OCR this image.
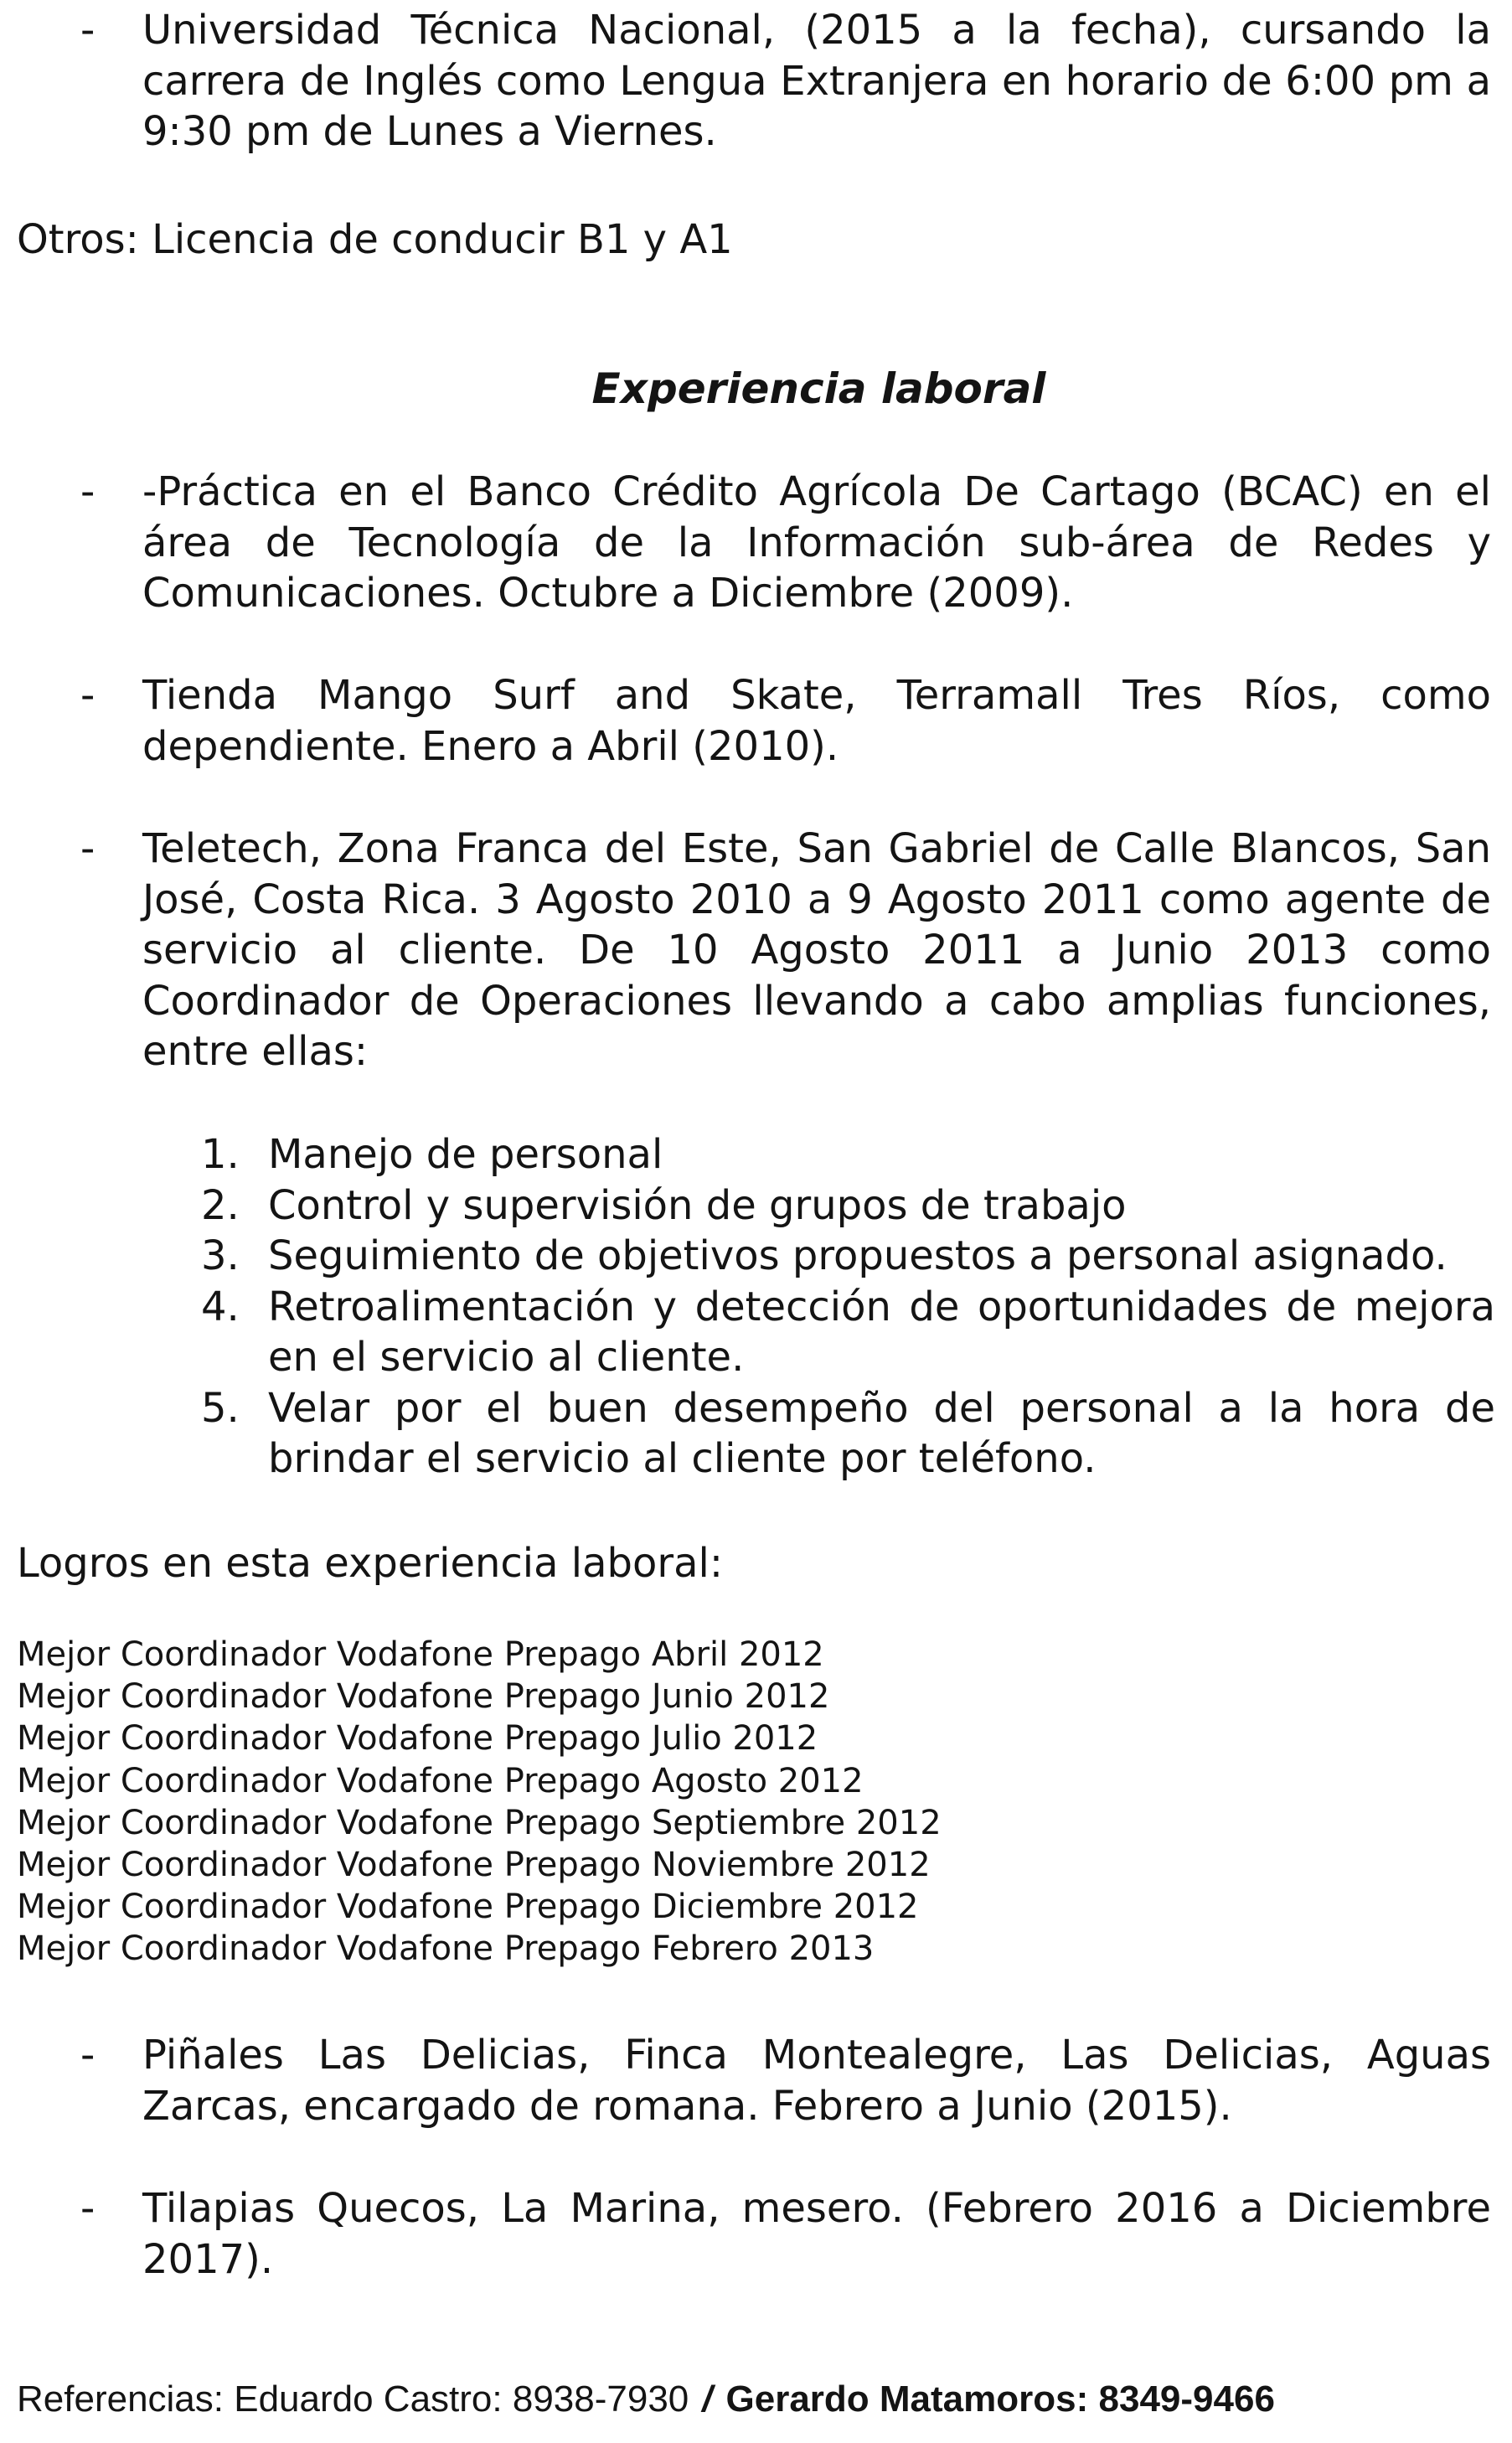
- Universidad Técnica Nacional, (2015 a la fecha), cursando la carrera de Inglés como Lengua Extranjera en horario de 6:00 pm a 9:30 pm de Lunes a Viernes.

Otros: Licencia de conducir B1 y A1

Experiencia laboral
- -Práctica en el Banco Crédito Agrícola De Cartago (BCAC) en el área de Tecnología de la Información sub-área de Redes y Comunicaciones. Octubre a Diciembre (2009).

- Tienda Mango Surf and Skate, Terramall Tres Ríos, como dependiente. Enero a Abril (2010).

- Teletech, Zona Franca del Este, San Gabriel de Calle Blancos, San José, Costa Rica. 3 Agosto 2010 a 9 Agosto 2011 como agente de servicio al cliente. De 10 Agosto 2011 a Junio 2013 como Coordinador de Operaciones llevando a cabo amplias funciones, entre ellas:

1. Manejo de personal
2. Control y supervisión de grupos de trabajo
3. Seguimiento de objetivos propuestos a personal asignado.
4. Retroalimentación y detección de oportunidades de mejora en el servicio al cliente.
5. Velar por el buen desempeño del personal a la hora de brindar el servicio al cliente por teléfono.

Logros en esta experiencia laboral:

Mejor Coordinador Vodafone Prepago Abril 2012
Mejor Coordinador Vodafone Prepago Junio 2012
Mejor Coordinador Vodafone Prepago Julio 2012
Mejor Coordinador Vodafone Prepago Agosto 2012
Mejor Coordinador Vodafone Prepago Septiembre 2012
Mejor Coordinador Vodafone Prepago Noviembre 2012
Mejor Coordinador Vodafone Prepago Diciembre 2012
Mejor Coordinador Vodafone Prepago Febrero 2013
- Piñales Las Delicias, Finca Montealegre, Las Delicias, Aguas Zarcas, encargado de romana. Febrero a Junio (2015).

- Tilapias Quecos, La Marina, mesero. (Febrero 2016 a Diciembre 2017).

Referencias: Eduardo Castro: 8938-7930 / Gerardo Matamoros: 8349-9466
